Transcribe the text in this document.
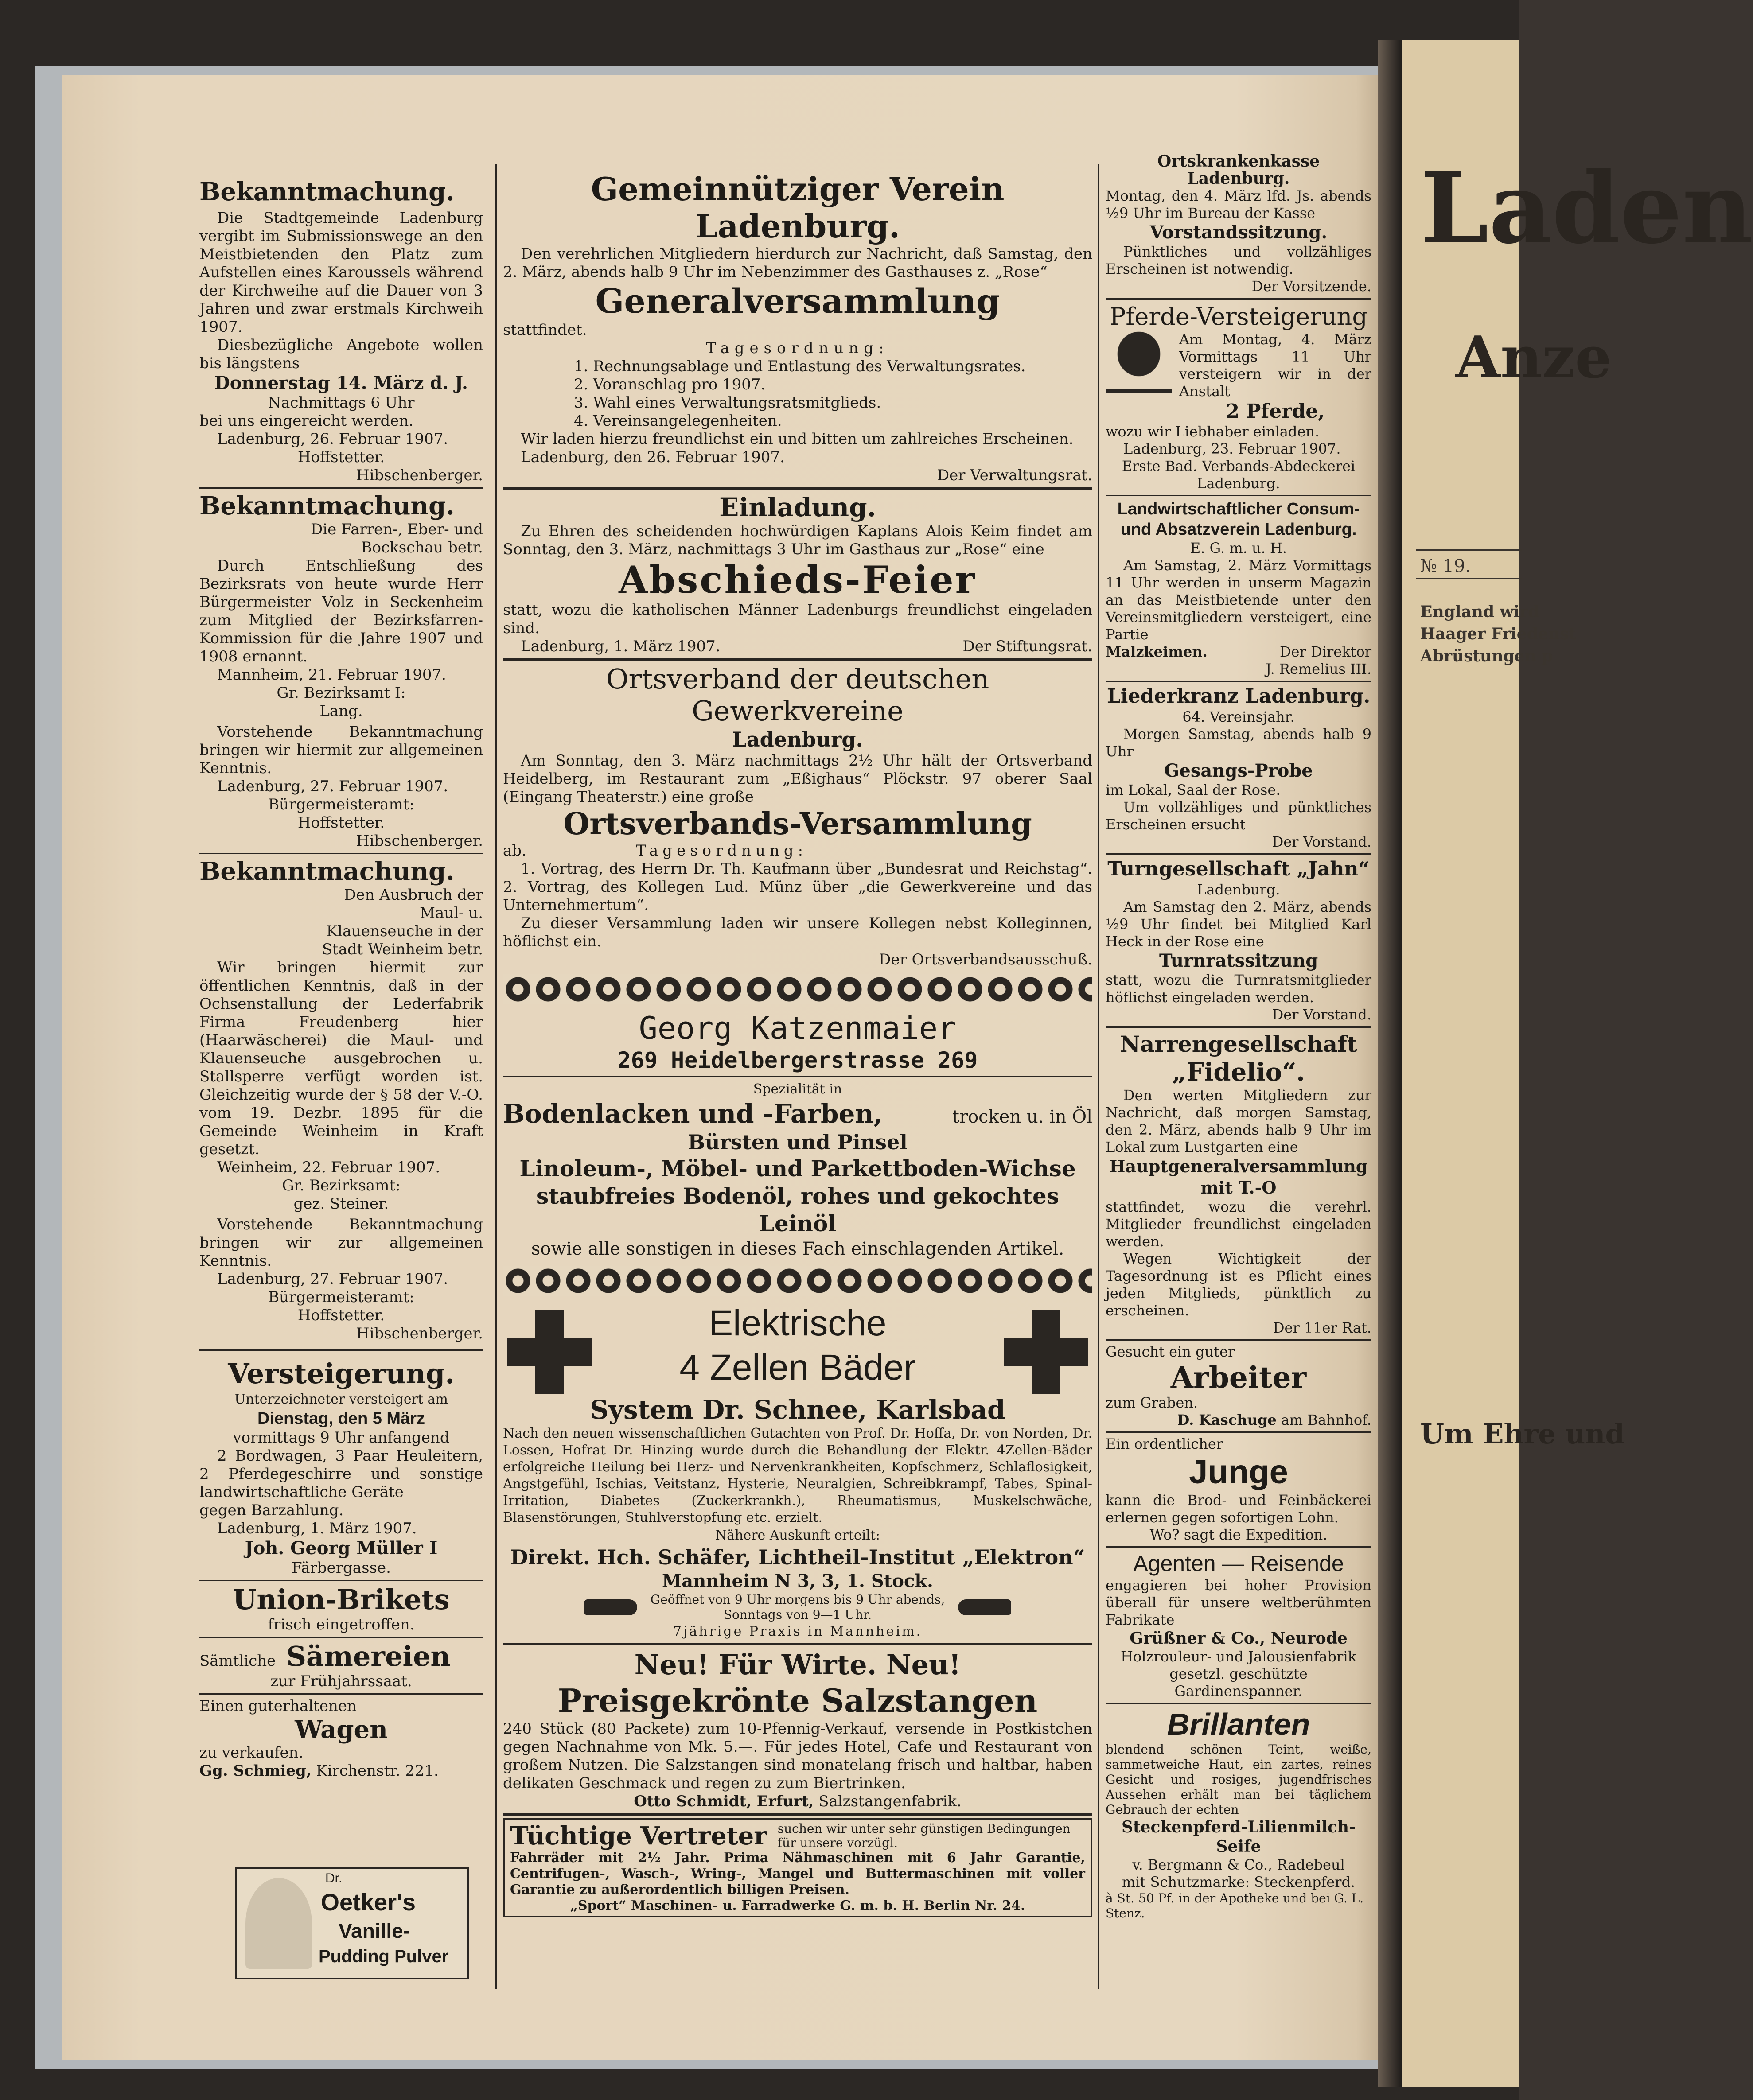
Laden
Anze
№ 19.
England wird
Haager Friedenst
Abrüstungen p
Um Ehre und
Bekanntmachung.

Die Stadtgemeinde Ladenburg vergibt im Submissionswege an den Meistbietenden den Platz zum Aufstellen eines Karoussels während der Kirchweihe auf die Dauer von 3 Jahren und zwar erstmals Kirchweih 1907.

Diesbezügliche Angebote wollen bis längstens

Donnerstag 14. März d. J.

Nachmittags 6 Uhr

bei uns eingereicht werden.

Ladenburg, 26. Februar 1907.

Hoffstetter.

Hibschenberger.

Bekanntmachung.

Die Farren-, Eber- und Bockschau betr.

Durch Entschließung des Bezirksrats von heute wurde Herr Bürgermeister Volz in Seckenheim zum Mitglied der Bezirksfarren-Kommission für die Jahre 1907 und 1908 ernannt.

Mannheim, 21. Februar 1907.

Gr. Bezirksamt I:

Lang.

Vorstehende Bekanntmachung bringen wir hiermit zur allgemeinen Kenntnis.

Ladenburg, 27. Februar 1907.

Bürgermeisteramt:

Hoffstetter.

Hibschenberger.

Bekanntmachung.

Den Ausbruch der Maul- u. Klauenseuche in der Stadt Weinheim betr.

Wir bringen hiermit zur öffentlichen Kenntnis, daß in der Ochsenstallung der Lederfabrik Firma Freudenberg hier (Haarwäscherei) die Maul- und Klauenseuche ausgebrochen u. Stallsperre verfügt worden ist. Gleichzeitig wurde der § 58 der V.-O. vom 19. Dezbr. 1895 für die Gemeinde Weinheim in Kraft gesetzt.

Weinheim, 22. Februar 1907.

Gr. Bezirksamt:

gez. Steiner.

Vorstehende Bekanntmachung bringen wir zur allgemeinen Kenntnis.

Ladenburg, 27. Februar 1907.

Bürgermeisteramt:

Hoffstetter.

Hibschenberger.

Versteigerung.

Unterzeichneter versteigert am

Dienstag, den 5 März

vormittags 9 Uhr anfangend

2 Bordwagen, 3 Paar Heuleitern, 2 Pferdegeschirre und sonstige landwirtschaftliche Geräte

gegen Barzahlung.

Ladenburg, 1. März 1907.

Joh. Georg Müller I

Färbergasse.

Union-Brikets

frisch eingetroffen.

Sämtliche Sämereien

zur Frühjahrssaat.

Einen guterhaltenen

Wagen

zu verkaufen.

Gg. Schmieg, Kirchenstr. 221.

Dr.
Oetker's
Vanille-
Pudding Pulver
Gemeinnütziger Verein Ladenburg.

Den verehrlichen Mitgliedern hierdurch zur Nachricht, daß Samstag, den 2. März, abends halb 9 Uhr im Nebenzimmer des Gasthauses z. „Rose“

Generalversammlung

stattfindet.

Tagesordnung:

1. Rechnungsablage und Entlastung des Verwaltungsrates.

2. Voranschlag pro 1907.

3. Wahl eines Verwaltungsratsmitglieds.

4. Vereinsangelegenheiten.

Wir laden hierzu freundlichst ein und bitten um zahlreiches Erscheinen.

Ladenburg, den 26. Februar 1907.

Der Verwaltungsrat.

Einladung.

Zu Ehren des scheidenden hochwürdigen Kaplans Alois Keim findet am Sonntag, den 3. März, nachmittags 3 Uhr im Gasthaus zur „Rose“ eine

Abschieds-Feier

statt, wozu die katholischen Männer Ladenburgs freundlichst eingeladen sind.

Ladenburg, 1. März 1907.	Der Stiftungsrat.
Ortsverband der deutschen Gewerkvereine
Ladenburg.

Am Sonntag, den 3. März nachmittags 2½ Uhr hält der Ortsverband Heidelberg, im Restaurant zum „Eßighaus“ Plöckstr. 97 oberer Saal (Eingang Theaterstr.) eine große

Ortsverbands-Versammlung
ab.	Tagesordnung:

1. Vortrag, des Herrn Dr. Th. Kaufmann über „Bundesrat und Reichstag“. 2. Vortrag, des Kollegen Lud. Münz über „die Gewerkvereine und das Unternehmertum“.

Zu dieser Versammlung laden wir unsere Kollegen nebst Kolleginnen, höflichst ein.

Der Ortsverbandsausschuß.

Georg Katzenmaier
269 Heidelbergerstrasse 269

Spezialität in

Bodenlacken und -Farben,	trocken u. in Öl
Bürsten und Pinsel
Linoleum-, Möbel- und Parkettboden-Wichse
staubfreies Bodenöl, rohes und gekochtes Leinöl
sowie alle sonstigen in dieses Fach einschlagenden Artikel.
Elektrische
4 Zellen Bäder
System Dr. Schnee, Karlsbad

Nach den neuen wissenschaftlichen Gutachten von Prof. Dr. Hoffa, Dr. von Norden, Dr. Lossen, Hofrat Dr. Hinzing wurde durch die Behandlung der Elektr. 4Zellen-Bäder erfolgreiche Heilung bei Herz- und Nervenkrankheiten, Kopfschmerz, Schlaflosigkeit, Angstgefühl, Ischias, Veitstanz, Hysterie, Neuralgien, Schreibkrampf, Tabes, Spinal-Irritation, Diabetes (Zuckerkrankh.), Rheumatismus, Muskelschwäche, Blasenstörungen, Stuhlverstopfung etc. erzielt.

Nähere Auskunft erteilt:

Direkt. Hch. Schäfer, Lichtheil-Institut „Elektron“
Mannheim N 3, 3, 1. Stock.
Geöffnet von 9 Uhr morgens bis 9 Uhr abends,
Sonntags von 9—1 Uhr.

7jährige Praxis in Mannheim.

Neu! Für Wirte. Neu!
Preisgekrönte Salzstangen

240 Stück (80 Packete) zum 10-Pfennig-Verkauf, versende in Postkistchen gegen Nachnahme von Mk. 5.—. Für jedes Hotel, Cafe und Restaurant von großem Nutzen. Die Salzstangen sind monatelang frisch und haltbar, haben delikaten Geschmack und regen zu zum Biertrinken.

Otto Schmidt, Erfurt, Salzstangenfabrik.

Tüchtige Vertreter suchen wir unter sehr günstigen Bedingungen für unsere vorzügl.

Fahrräder mit 2½ Jahr. Prima Nähmaschinen mit 6 Jahr Garantie, Centrifugen-, Wasch-, Wring-, Mangel und Buttermaschinen mit voller Garantie zu außerordentlich billigen Preisen.

„Sport“ Maschinen- u. Farradwerke G. m. b. H. Berlin Nr. 24.

Ortskrankenkasse Ladenburg.

Montag, den 4. März lfd. Js. abends ½9 Uhr im Bureau der Kasse

Vorstandssitzung.

Pünktliches und vollzähliges Erscheinen ist notwendig.

Der Vorsitzende.

Pferde-Versteigerung

Am Montag, 4. März Vormittags 11 Uhr versteigern wir in der Anstalt

2 Pferde,

wozu wir Liebhaber einladen.

Ladenburg, 23. Februar 1907.

Erste Bad. Verbands-Abdeckerei

Ladenburg.

Landwirtschaftlicher Consum- und Absatzverein Ladenburg.

E. G. m. u. H.

Am Samstag, 2. März Vormittags 11 Uhr werden in unserm Magazin an das Meistbietende unter den Vereinsmitgliedern versteigert, eine Partie

Malzkeimen.	Der Direktor

J. Remelius III.

Liederkranz Ladenburg.

64. Vereinsjahr.

Morgen Samstag, abends halb 9 Uhr

Gesangs-Probe

im Lokal, Saal der Rose.

Um vollzähliges und pünktliches Erscheinen ersucht

Der Vorstand.

Turngesellschaft „Jahn“

Ladenburg.

Am Samstag den 2. März, abends ½9 Uhr findet bei Mitglied Karl Heck in der Rose eine

Turnratssitzung

statt, wozu die Turnratsmitglieder höflichst eingeladen werden.

Der Vorstand.

Narrengesellschaft
„Fidelio“.

Den werten Mitgliedern zur Nachricht, daß morgen Samstag, den 2. März, abends halb 9 Uhr im Lokal zum Lustgarten eine

Hauptgeneralversammlung
mit T.-O

stattfindet, wozu die verehrl. Mitglieder freundlichst eingeladen werden.

Wegen Wichtigkeit der Tagesordnung ist es Pflicht eines jeden Mitglieds, pünktlich zu erscheinen.

Der 11er Rat.

Gesucht ein guter

Arbeiter

zum Graben.

D. Kaschuge am Bahnhof.

Ein ordentlicher

Junge

kann die Brod- und Feinbäckerei erlernen gegen sofortigen Lohn.

Wo? sagt die Expedition.

Agenten — Reisende

engagieren bei hoher Provision überall für unsere weltberühmten Fabrikate

Grüßner & Co., Neurode

Holzrouleur- und Jalousienfabrik gesetzl. geschützte Gardinenspanner.

Brillanten

blendend schönen Teint, weiße, sammetweiche Haut, ein zartes, reines Gesicht und rosiges, jugendfrisches Aussehen erhält man bei täglichem Gebrauch der echten

Steckenpferd-Lilienmilch-Seife

v. Bergmann & Co., Radebeul

mit Schutzmarke: Steckenpferd.

à St. 50 Pf. in der Apotheke und bei G. L. Stenz.
